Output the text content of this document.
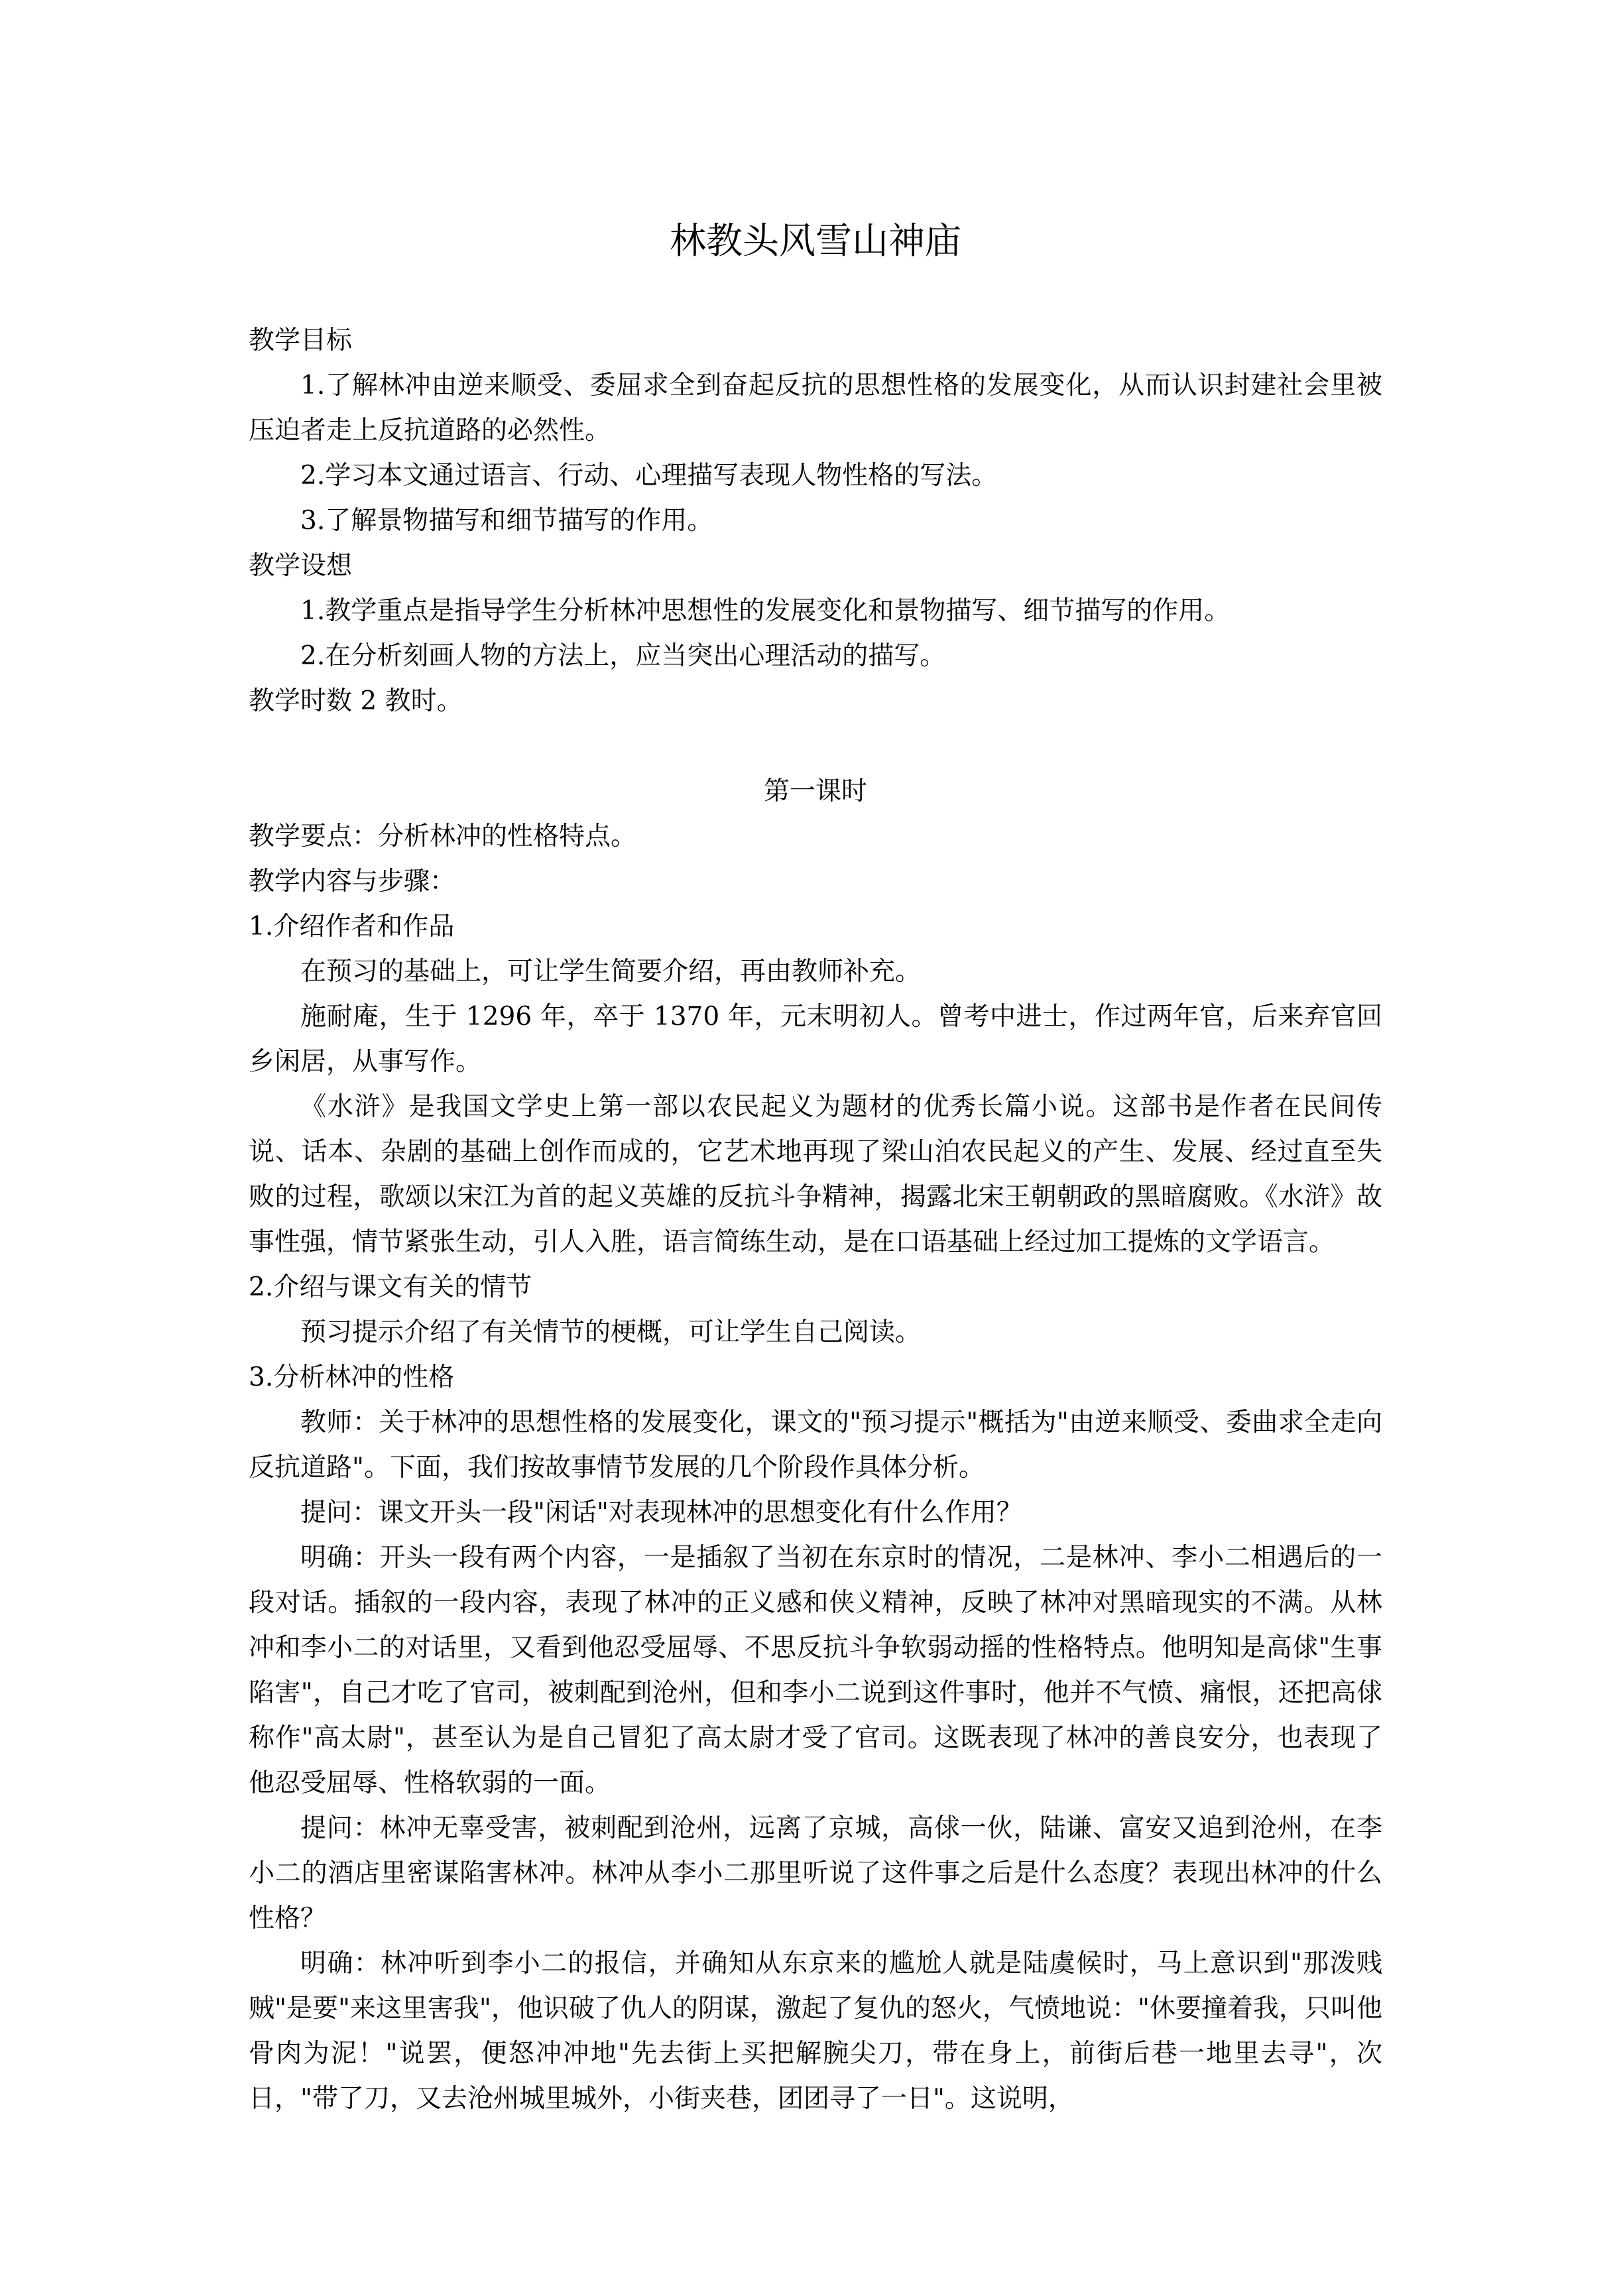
林教头风雪山神庙

教学目标

1.了解林冲由逆来顺受、委屈求全到奋起反抗的思想性格的发展变化，从而认识封建社会里被压迫者走上反抗道路的必然性。

2.学习本文通过语言、行动、心理描写表现人物性格的写法。

3.了解景物描写和细节描写的作用。

教学设想

1.教学重点是指导学生分析林冲思想性的发展变化和景物描写、细节描写的作用。

2.在分析刻画人物的方法上，应当突出心理活动的描写。

教学时数 2 教时。

第一课时

教学要点：分析林冲的性格特点。

教学内容与步骤：

1.介绍作者和作品

在预习的基础上，可让学生简要介绍，再由教师补充。

施耐庵，生于 1296 年，卒于 1370 年，元末明初人。曾考中进士，作过两年官，后来弃官回乡闲居，从事写作。

《水浒》是我国文学史上第一部以农民起义为题材的优秀长篇小说。这部书是作者在民间传说、话本、杂剧的基础上创作而成的，它艺术地再现了梁山泊农民起义的产生、发展、经过直至失败的过程，歌颂以宋江为首的起义英雄的反抗斗争精神，揭露北宋王朝朝政的黑暗腐败。《水浒》故事性强，情节紧张生动，引人入胜，语言简练生动，是在口语基础上经过加工提炼的文学语言。

2.介绍与课文有关的情节

预习提示介绍了有关情节的梗概，可让学生自己阅读。

3.分析林冲的性格

教师：关于林冲的思想性格的发展变化，课文的"预习提示"概括为"由逆来顺受、委曲求全走向反抗道路"。下面，我们按故事情节发展的几个阶段作具体分析。

提问：课文开头一段"闲话"对表现林冲的思想变化有什么作用？

明确：开头一段有两个内容，一是插叙了当初在东京时的情况，二是林冲、李小二相遇后的一段对话。插叙的一段内容，表现了林冲的正义感和侠义精神，反映了林冲对黑暗现实的不满。从林冲和李小二的对话里，又看到他忍受屈辱、不思反抗斗争软弱动摇的性格特点。他明知是高俅"生事陷害"，自己才吃了官司，被刺配到沧州，但和李小二说到这件事时，他并不气愤、痛恨，还把高俅称作"高太尉"，甚至认为是自己冒犯了高太尉才受了官司。这既表现了林冲的善良安分，也表现了他忍受屈辱、性格软弱的一面。

提问：林冲无辜受害，被刺配到沧州，远离了京城，高俅一伙，陆谦、富安又追到沧州，在李小二的酒店里密谋陷害林冲。林冲从李小二那里听说了这件事之后是什么态度？表现出林冲的什么性格？

明确：林冲听到李小二的报信，并确知从东京来的尴尬人就是陆虞候时，马上意识到"那泼贱贼"是要"来这里害我"，他识破了仇人的阴谋，激起了复仇的怒火，气愤地说："休要撞着我，只叫他骨肉为泥！"说罢，便怒冲冲地"先去街上买把解腕尖刀，带在身上，前街后巷一地里去寻"，次日，"带了刀，又去沧州城里城外，小街夹巷，团团寻了一日"。这说明，
